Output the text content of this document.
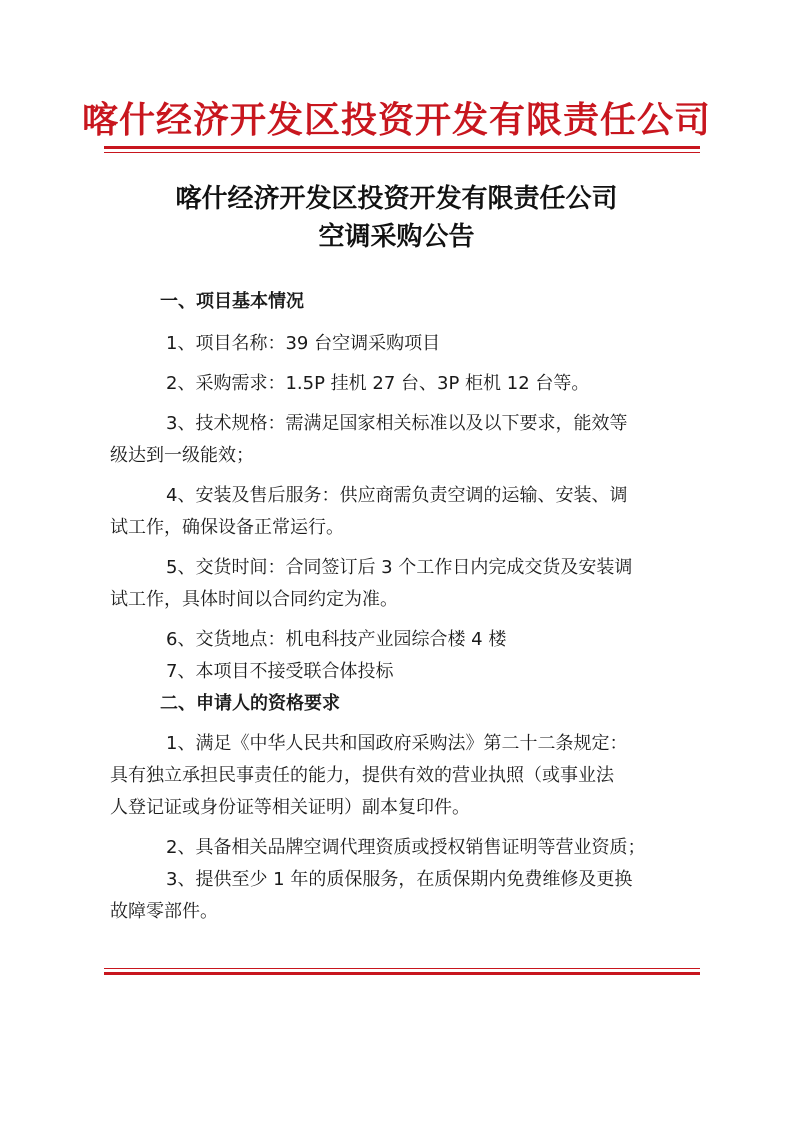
喀什经济开发区投资开发有限责任公司
喀什经济开发区投资开发有限责任公司
空调采购公告
一、项目基本情况
1、项目名称：39 台空调采购项目
2、采购需求：1.5P 挂机 27 台、3P 柜机 12 台等。
3、技术规格：需满足国家相关标准以及以下要求，能效等
级达到一级能效；
4、安装及售后服务：供应商需负责空调的运输、安装、调
试工作，确保设备正常运行。
5、交货时间：合同签订后 3 个工作日内完成交货及安装调
试工作，具体时间以合同约定为准。
6、交货地点：机电科技产业园综合楼 4 楼
7、本项目不接受联合体投标
二、申请人的资格要求
1、满足《中华人民共和国政府采购法》第二十二条规定：
具有独立承担民事责任的能力，提供有效的营业执照（或事业法
人登记证或身份证等相关证明）副本复印件。
2、具备相关品牌空调代理资质或授权销售证明等营业资质；
3、提供至少 1 年的质保服务，在质保期内免费维修及更换
故障零部件。
